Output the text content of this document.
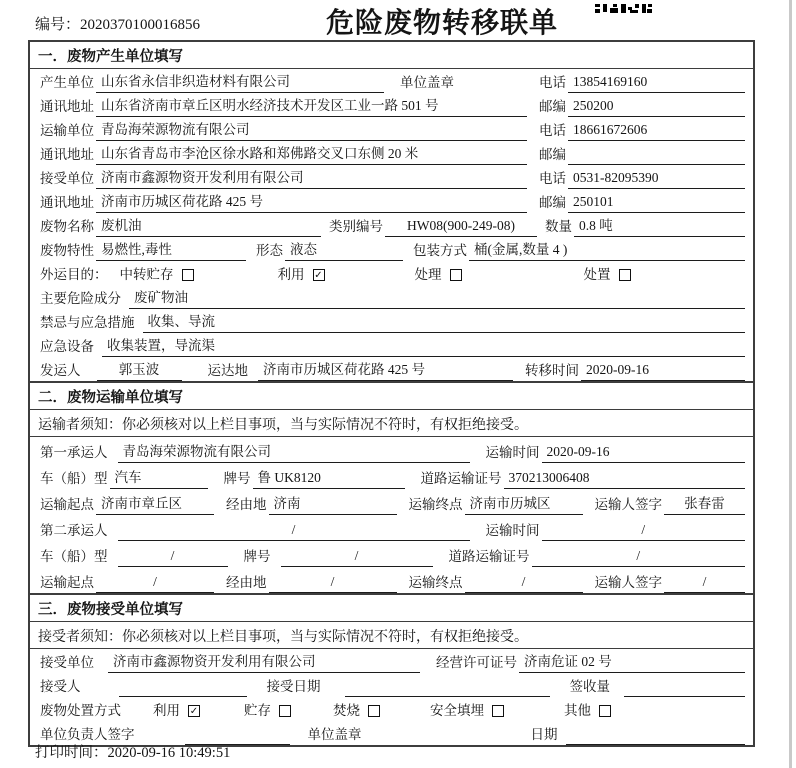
编号：2020370100016856	危险废物转移联单
一．废物产生单位填写
产生单位 山东省永信非织造材料有限公司	单位盖章	电话 13854169160
通讯地址 山东省济南市章丘区明水经济技术开发区工业一路 501 号	邮编 250200
运输单位 青岛海荣源物流有限公司	电话 18661672606
通讯地址 山东省青岛市李沧区徐水路和郑佛路交叉口东侧 20 米	邮编
接受单位 济南市鑫源物资开发利用有限公司	电话 0531-82095390
通讯地址 济南市历城区荷花路 425 号	邮编 250101
废物名称 废机油	类别编号	HW08(900-249-08)	数量 0.8 吨
废物特性 易燃性,毒性	形态 液态	包装方式 桶(金属,数量 4 )
外运目的： 中转贮存	利用 ✓	处理	处置
主要危险成分 废矿物油
禁忌与应急措施 收集、导流
应急设备 收集装置，导流渠
发运人	郭玉波	运达地	济南市历城区荷花路 425 号	转移时间 2020-09-16
二．废物运输单位填写
运输者须知：你必须核对以上栏目事项，当与实际情况不符时，有权拒绝接受。
第一承运人	青岛海荣源物流有限公司	运输时间 2020-09-16
车（船）型 汽车	牌号 鲁 UK8120	道路运输证号 370213006408
运输起点 济南市章丘区	经由地 济南	运输终点 济南市历城区	运输人签字	张春雷
第二承运人	/	运输时间	/
车（船）型	/	牌号	/	道路运输证号	/
运输起点	/	经由地	/	运输终点	/	运输人签字	/
三．废物接受单位填写
接受者须知：你必须核对以上栏目事项，当与实际情况不符时，有权拒绝接受。
接受单位	济南市鑫源物资开发利用有限公司	经营许可证号 济南危证 02 号
接受人	接受日期	签收量
废物处置方式 利用 ✓	贮存	焚烧	安全填埋	其他
单位负责人签字	单位盖章	日期
打印时间：2020-09-16 10:49:51
